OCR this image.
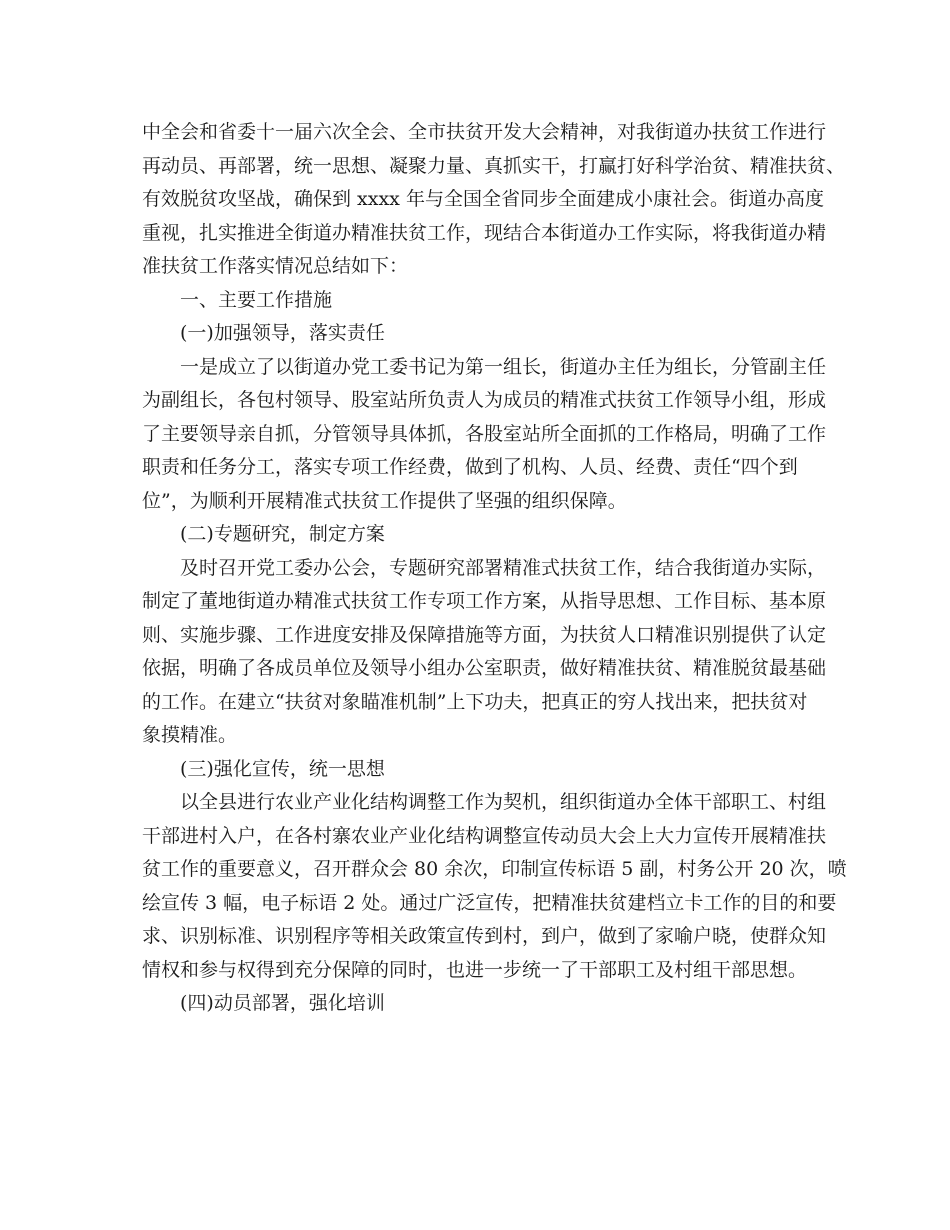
中全会和省委十一届六次全会、全市扶贫开发大会精神，对我街道办扶贫工作进行
再动员、再部署，统一思想、凝聚力量、真抓实干，打赢打好科学治贫、精准扶贫、
有效脱贫攻坚战，确保到 xxxx 年与全国全省同步全面建成小康社会。街道办高度
重视，扎实推进全街道办精准扶贫工作，现结合本街道办工作实际，将我街道办精
准扶贫工作落实情况总结如下：
一、主要工作措施
(一)加强领导，落实责任
一是成立了以街道办党工委书记为第一组长，街道办主任为组长，分管副主任
为副组长，各包村领导、股室站所负责人为成员的精准式扶贫工作领导小组，形成
了主要领导亲自抓，分管领导具体抓，各股室站所全面抓的工作格局，明确了工作
职责和任务分工，落实专项工作经费，做到了机构、人员、经费、责任“四个到
位”，为顺利开展精准式扶贫工作提供了坚强的组织保障。
(二)专题研究，制定方案
及时召开党工委办公会，专题研究部署精准式扶贫工作，结合我街道办实际，
制定了董地街道办精准式扶贫工作专项工作方案，从指导思想、工作目标、基本原
则、实施步骤、工作进度安排及保障措施等方面，为扶贫人口精准识别提供了认定
依据，明确了各成员单位及领导小组办公室职责，做好精准扶贫、精准脱贫最基础
的工作。在建立“扶贫对象瞄准机制”上下功夫，把真正的穷人找出来，把扶贫对
象摸精准。
(三)强化宣传，统一思想
以全县进行农业产业化结构调整工作为契机，组织街道办全体干部职工、村组
干部进村入户，在各村寨农业产业化结构调整宣传动员大会上大力宣传开展精准扶
贫工作的重要意义，召开群众会 80 余次，印制宣传标语 5 副，村务公开 20 次，喷
绘宣传 3 幅，电子标语 2 处。通过广泛宣传，把精准扶贫建档立卡工作的目的和要
求、识别标准、识别程序等相关政策宣传到村，到户，做到了家喻户晓，使群众知
情权和参与权得到充分保障的同时，也进一步统一了干部职工及村组干部思想。
(四)动员部署，强化培训
